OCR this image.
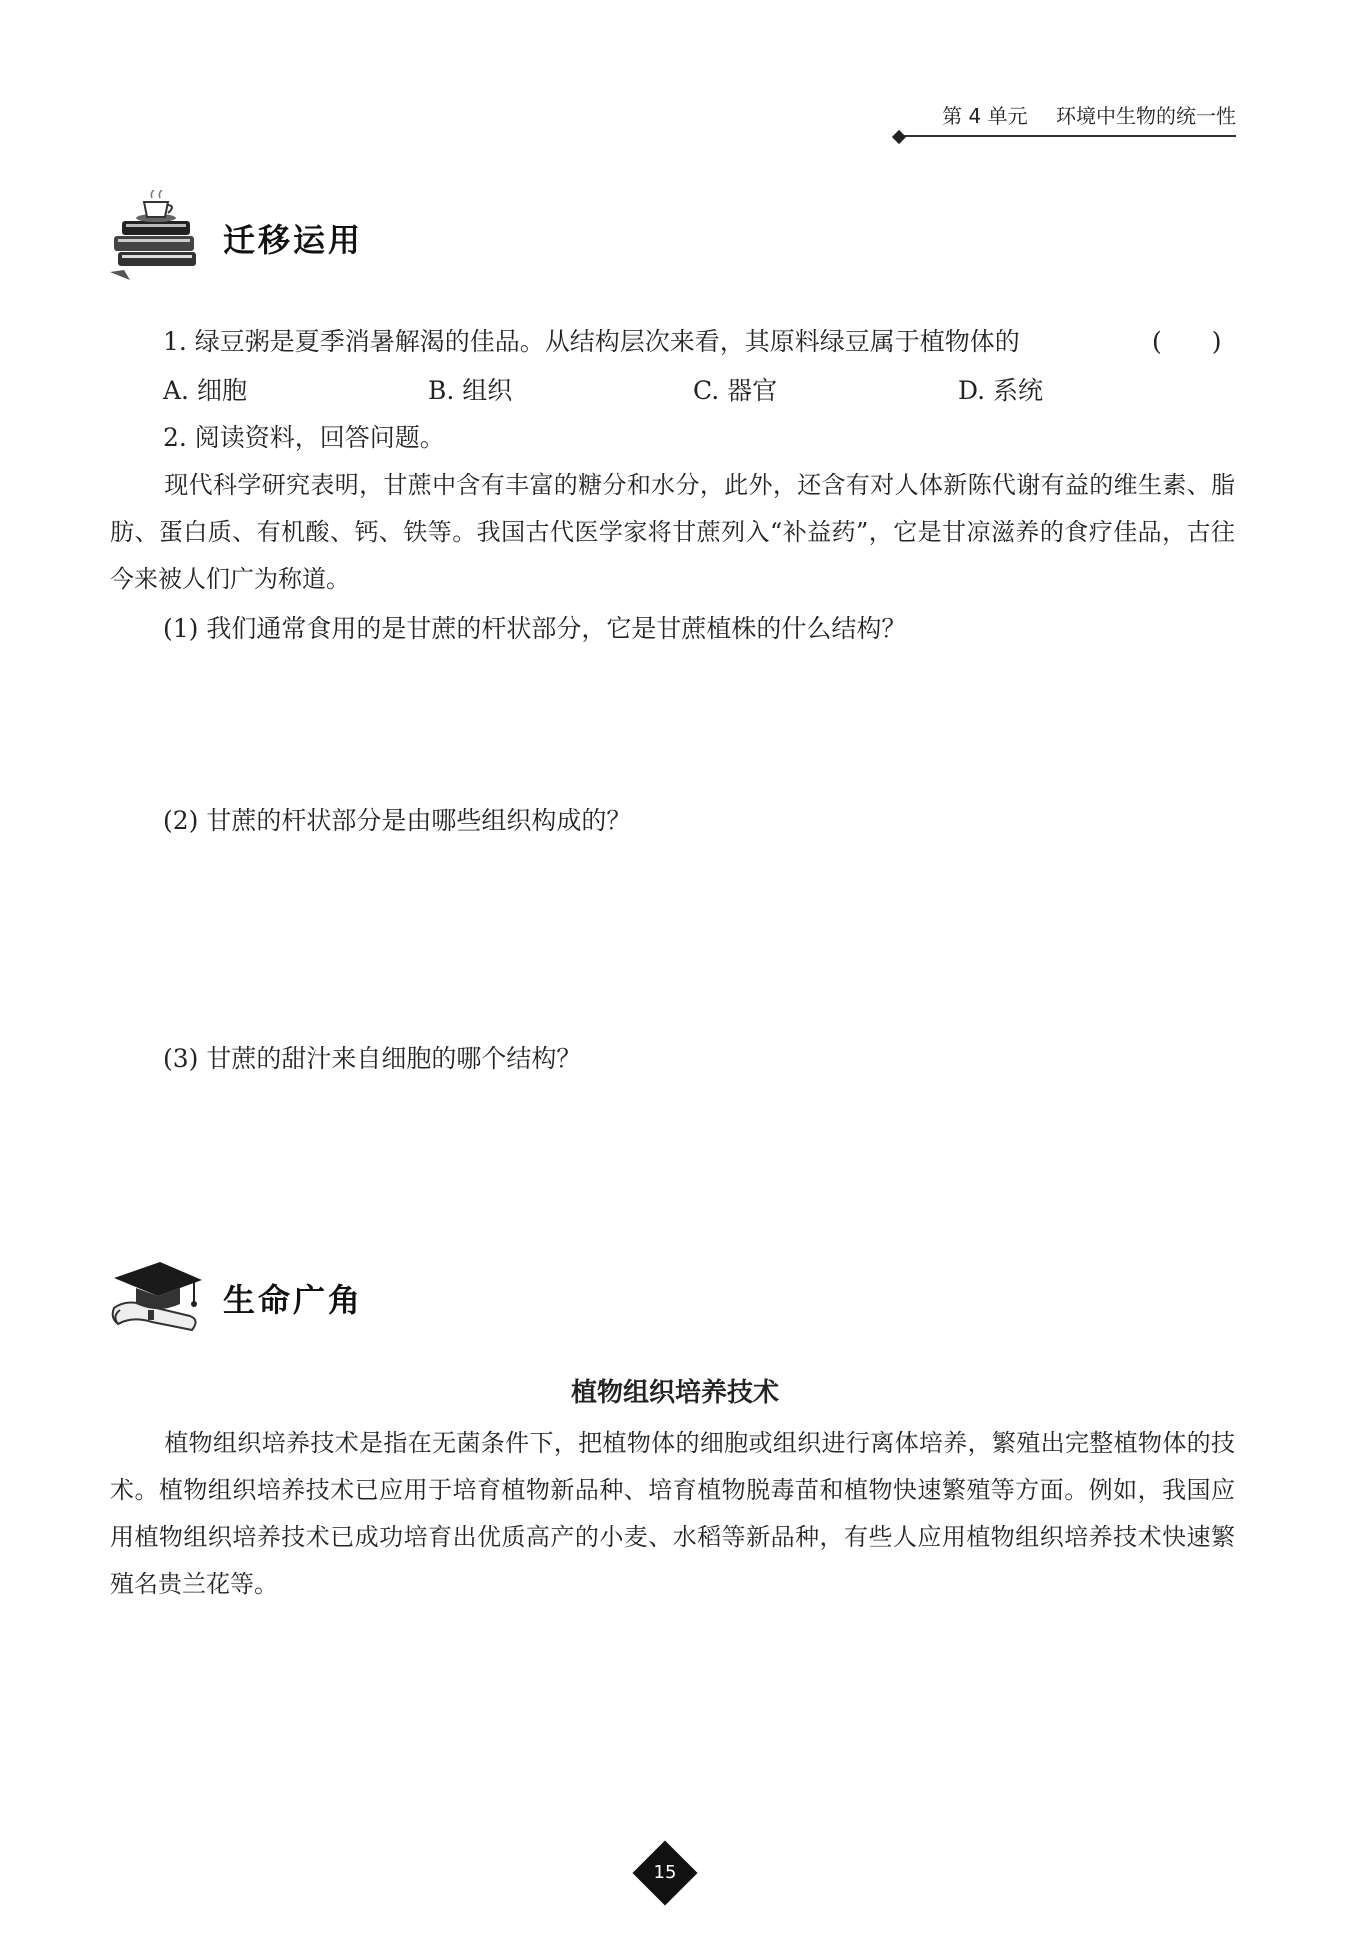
第 4 单元 环境中生物的统一性
迁移运用
1. 绿豆粥是夏季消暑解渴的佳品。从结构层次来看，其原料绿豆属于植物体的	(　　)
A. 细胞	B. 组织	C. 器官	D. 系统
2. 阅读资料，回答问题。
现代科学研究表明，甘蔗中含有丰富的糖分和水分，此外，还含有对人体新陈代谢有益的维生素、脂肪、蛋白质、有机酸、钙、铁等。我国古代医学家将甘蔗列入“补益药”，它是甘凉滋养的食疗佳品，古往今来被人们广为称道。
(1) 我们通常食用的是甘蔗的杆状部分，它是甘蔗植株的什么结构？
(2) 甘蔗的杆状部分是由哪些组织构成的？
(3) 甘蔗的甜汁来自细胞的哪个结构？
生命广角
植物组织培养技术
植物组织培养技术是指在无菌条件下，把植物体的细胞或组织进行离体培养，繁殖出完整植物体的技术。植物组织培养技术已应用于培育植物新品种、培育植物脱毒苗和植物快速繁殖等方面。例如，我国应用植物组织培养技术已成功培育出优质高产的小麦、水稻等新品种，有些人应用植物组织培养技术快速繁殖名贵兰花等。
15
